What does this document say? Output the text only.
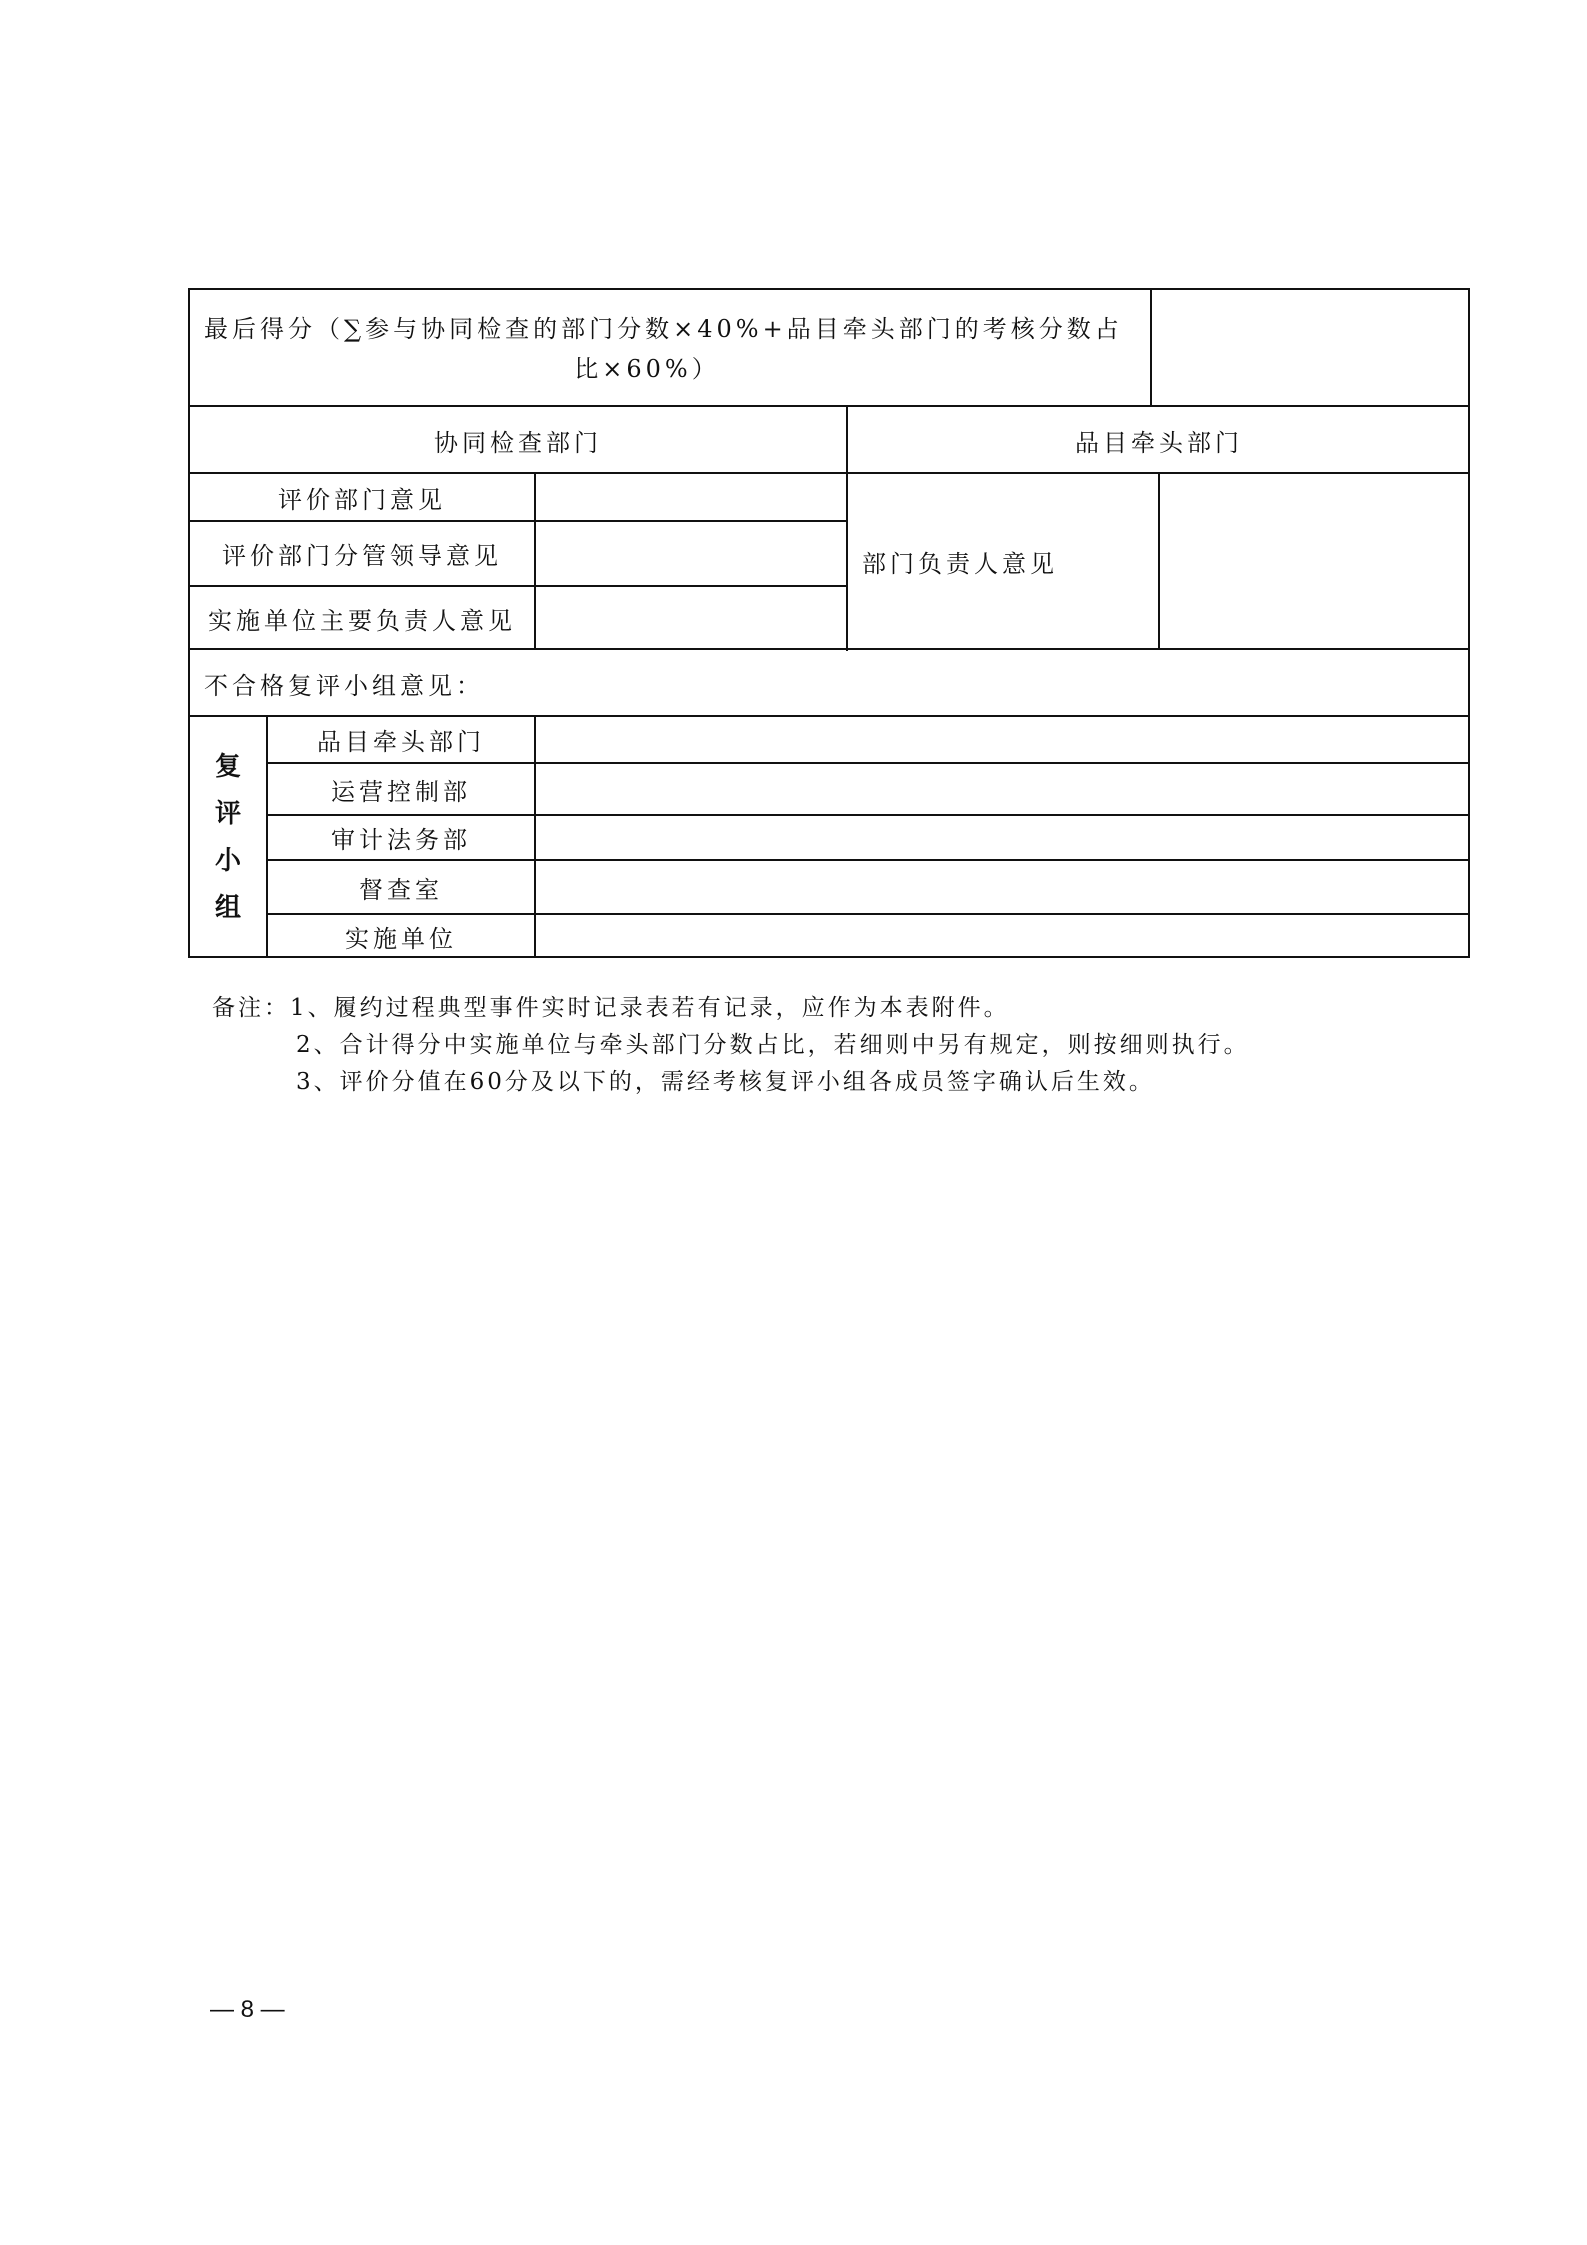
最后得分（∑参与协同检查的部门分数×40%+品目牵头部门的考核分数占
比×60%）
协同检查部门	品目牵头部门
评价部门意见
评价部门分管领导意见
实施单位主要负责人意见
部门负责人意见
不合格复评小组意见：
复
评
小
组
品目牵头部门
运营控制部
审计法务部
督查室
实施单位
备注：1、履约过程典型事件实时记录表若有记录，应作为本表附件。
2、合计得分中实施单位与牵头部门分数占比，若细则中另有规定，则按细则执行。
3、评价分值在60分及以下的，需经考核复评小组各成员签字确认后生效。
— 8 —
